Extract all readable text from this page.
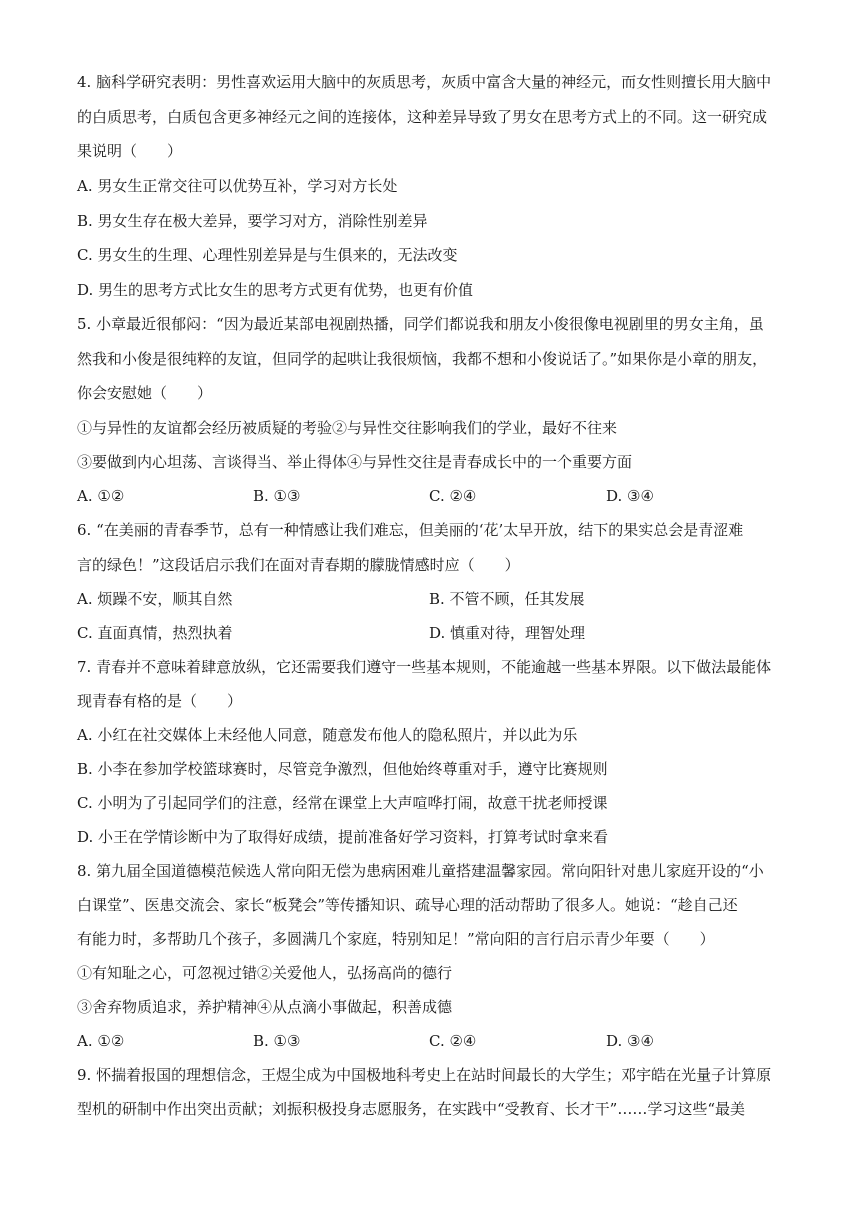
4. 脑科学研究表明：男性喜欢运用大脑中的灰质思考，灰质中富含大量的神经元，而女性则擅长用大脑中
的白质思考，白质包含更多神经元之间的连接体，这种差异导致了男女在思考方式上的不同。这一研究成
果说明（　　）
A. 男女生正常交往可以优势互补，学习对方长处
B. 男女生存在极大差异，要学习对方，消除性别差异
C. 男女生的生理、心理性别差异是与生俱来的，无法改变
D. 男生的思考方式比女生的思考方式更有优势，也更有价值
5. 小章最近很郁闷：“因为最近某部电视剧热播，同学们都说我和朋友小俊很像电视剧里的男女主角，虽
然我和小俊是很纯粹的友谊，但同学的起哄让我很烦恼，我都不想和小俊说话了。”如果你是小章的朋友，
你会安慰她（　　）
①与异性的友谊都会经历被质疑的考验②与异性交往影响我们的学业，最好不往来
③要做到内心坦荡、言谈得当、举止得体④与异性交往是青春成长中的一个重要方面
A. ①②	B. ①③	C. ②④	D. ③④
6. “在美丽的青春季节，总有一种情感让我们难忘，但美丽的‘花’太早开放，结下的果实总会是青涩难
言的绿色！”这段话启示我们在面对青春期的朦胧情感时应（　　）
A. 烦躁不安，顺其自然	B. 不管不顾，任其发展
C. 直面真情，热烈执着	D. 慎重对待，理智处理
7. 青春并不意味着肆意放纵，它还需要我们遵守一些基本规则，不能逾越一些基本界限。以下做法最能体
现青春有格的是（　　）
A. 小红在社交媒体上未经他人同意，随意发布他人的隐私照片，并以此为乐
B. 小李在参加学校篮球赛时，尽管竞争激烈，但他始终尊重对手，遵守比赛规则
C. 小明为了引起同学们的注意，经常在课堂上大声喧哗打闹，故意干扰老师授课
D. 小王在学情诊断中为了取得好成绩，提前准备好学习资料，打算考试时拿来看
8. 第九届全国道德模范候选人常向阳无偿为患病困难儿童搭建温馨家园。常向阳针对患儿家庭开设的“小
白课堂”、医患交流会、家长“板凳会”等传播知识、疏导心理的活动帮助了很多人。她说：“趁自己还
有能力时，多帮助几个孩子，多圆满几个家庭，特别知足！”常向阳的言行启示青少年要（　　）
①有知耻之心，可忽视过错②关爱他人，弘扬高尚的德行
③舍弃物质追求，养护精神④从点滴小事做起，积善成德
A. ①②	B. ①③	C. ②④	D. ③④
9. 怀揣着报国的理想信念，王煜尘成为中国极地科考史上在站时间最长的大学生；邓宇皓在光量子计算原
型机的研制中作出突出贡献；刘振积极投身志愿服务，在实践中“受教育、长才干”……学习这些“最美
